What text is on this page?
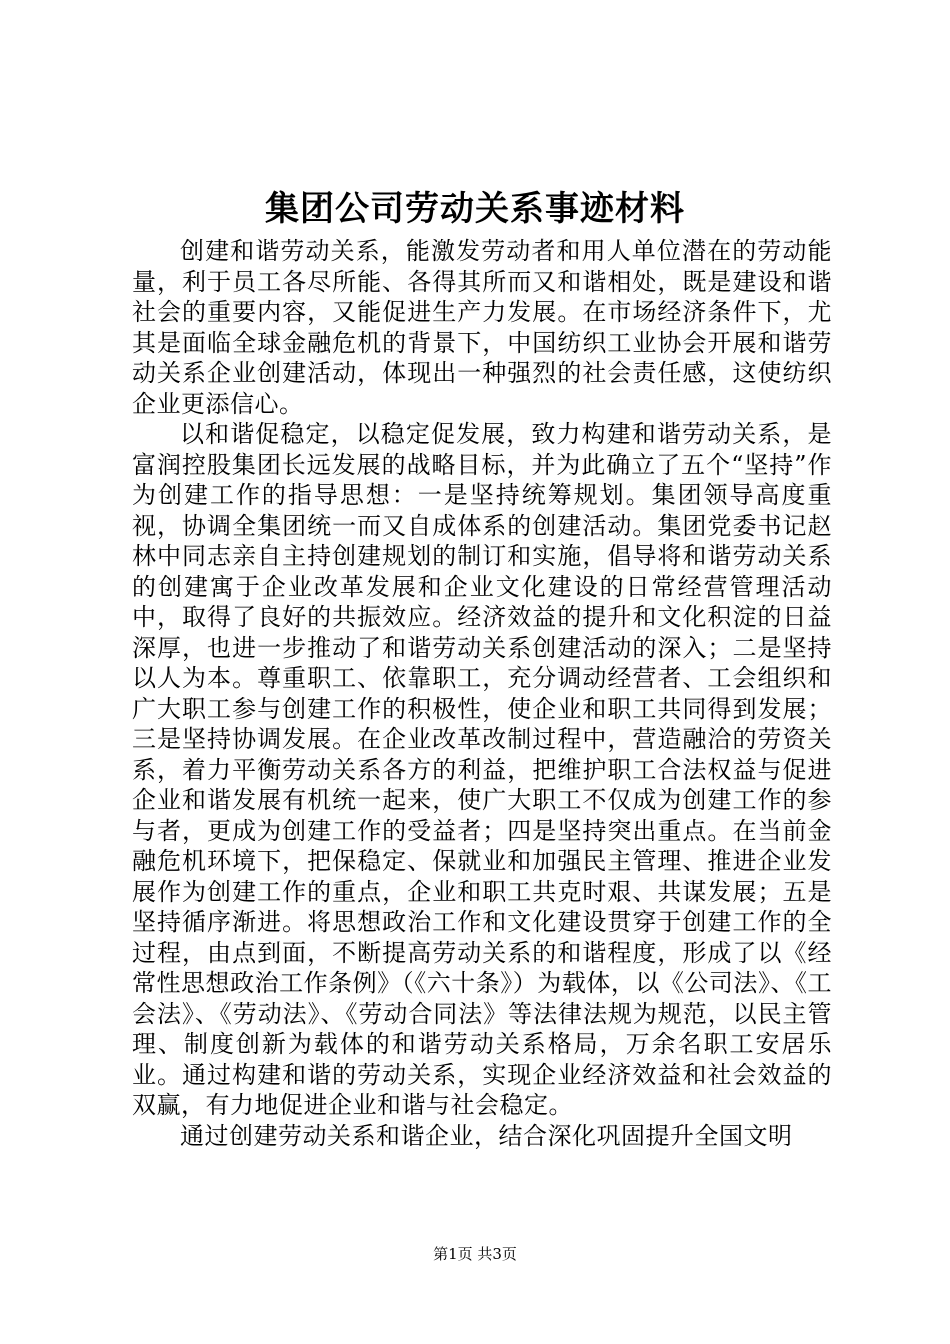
集团公司劳动关系事迹材料

创建和谐劳动关系，能激发劳动者和用人单位潜在的劳动能量，利于员工各尽所能、各得其所而又和谐相处，既是建设和谐社会的重要内容，又能促进生产力发展。在市场经济条件下，尤其是面临全球金融危机的背景下，中国纺织工业协会开展和谐劳动关系企业创建活动，体现出一种强烈的社会责任感，这使纺织企业更添信心。

以和谐促稳定，以稳定促发展，致力构建和谐劳动关系，是富润控股集团长远发展的战略目标，并为此确立了五个“坚持”作为创建工作的指导思想：一是坚持统筹规划。集团领导高度重视，协调全集团统一而又自成体系的创建活动。集团党委书记赵林中同志亲自主持创建规划的制订和实施，倡导将和谐劳动关系的创建寓于企业改革发展和企业文化建设的日常经营管理活动中，取得了良好的共振效应。经济效益的提升和文化积淀的日益深厚，也进一步推动了和谐劳动关系创建活动的深入；二是坚持以人为本。尊重职工、依靠职工，充分调动经营者、工会组织和广大职工参与创建工作的积极性，使企业和职工共同得到发展；三是坚持协调发展。在企业改革改制过程中，营造融洽的劳资关系，着力平衡劳动关系各方的利益，把维护职工合法权益与促进企业和谐发展有机统一起来，使广大职工不仅成为创建工作的参与者，更成为创建工作的受益者；四是坚持突出重点。在当前金融危机环境下，把保稳定、保就业和加强民主管理、推进企业发展作为创建工作的重点，企业和职工共克时艰、共谋发展；五是坚持循序渐进。将思想政治工作和文化建设贯穿于创建工作的全过程，由点到面，不断提高劳动关系的和谐程度，形成了以《经常性思想政治工作条例》（《六十条》）为载体，以《公司法》、《工会法》、《劳动法》、《劳动合同法》等法律法规为规范，以民主管理、制度创新为载体的和谐劳动关系格局，万余名职工安居乐业。通过构建和谐的劳动关系，实现企业经济效益和社会效益的双赢，有力地促进企业和谐与社会稳定。

通过创建劳动关系和谐企业，结合深化巩固提升全国文明

第1页 共3页
